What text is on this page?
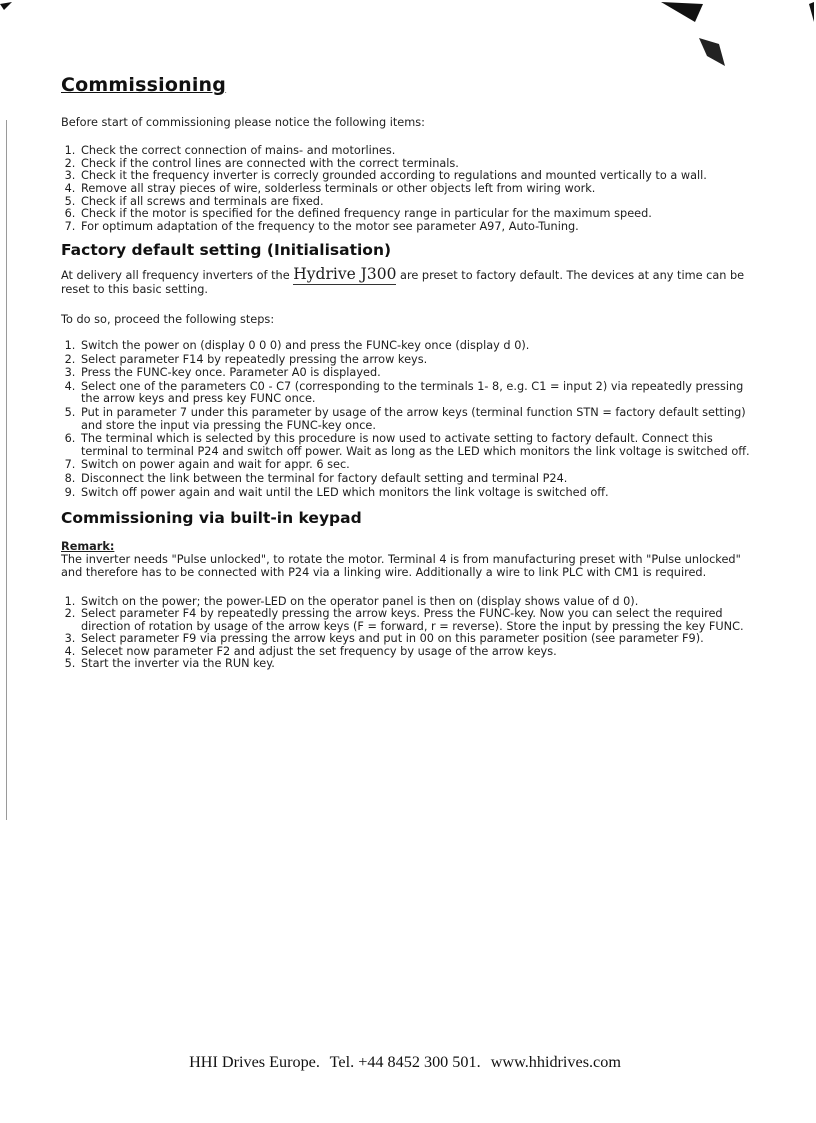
Commissioning

Before start of commissioning please notice the following items:

1. Check the correct connection of mains- and motorlines.
2. Check if the control lines are connected with the correct terminals.
3. Check it the frequency inverter is correcly grounded according to regulations and mounted vertically to a wall.
4. Remove all stray pieces of wire, solderless terminals or other objects left from wiring work.
5. Check if all screws and terminals are fixed.
6. Check if the motor is specified for the defined frequency range in particular for the maximum speed.
7. For optimum adaptation of the frequency to the motor see parameter A97, Auto-Tuning.
Factory default setting (Initialisation)

At delivery all frequency inverters of the Hydrive J300 are preset to factory default. The devices at any time can be reset to this basic setting.

To do so, proceed the following steps:

1. Switch the power on (display 0 0 0) and press the FUNC-key once (display d 0).
2. Select parameter F14 by repeatedly pressing the arrow keys.
3. Press the FUNC-key once. Parameter A0 is displayed.
4. Select one of the parameters C0 - C7 (corresponding to the terminals 1- 8, e.g. C1 = input 2) via repeatedly pressing the arrow keys and press key FUNC once.
5. Put in parameter 7 under this parameter by usage of the arrow keys (terminal function STN = factory default setting) and store the input via pressing the FUNC-key once.
6. The terminal which is selected by this procedure is now used to activate setting to factory default. Connect this terminal to terminal P24 and switch off power. Wait as long as the LED which monitors the link voltage is switched off.
7. Switch on power again and wait for appr. 6 sec.
8. Disconnect the link between the terminal for factory default setting and terminal P24.
9. Switch off power again and wait until the LED which monitors the link voltage is switched off.
Commissioning via built-in keypad
Remark:

The inverter needs "Pulse unlocked", to rotate the motor. Terminal 4 is from manufacturing preset with "Pulse unlocked" and therefore has to be connected with P24 via a linking wire. Additionally a wire to link PLC with CM1 is required.

1. Switch on the power; the power-LED on the operator panel is then on (display shows value of d 0).
2. Select parameter F4 by repeatedly pressing the arrow keys. Press the FUNC-key. Now you can select the required direction of rotation by usage of the arrow keys (F = forward, r = reverse). Store the input by pressing the key FUNC.
3. Select parameter F9 via pressing the arrow keys and put in 00 on this parameter position (see parameter F9).
4. Selecet now parameter F2 and adjust the set frequency by usage of the arrow keys.
5. Start the inverter via the RUN key.
HHI Drives Europe. Tel. +44 8452 300 501. www.hhidrives.com
